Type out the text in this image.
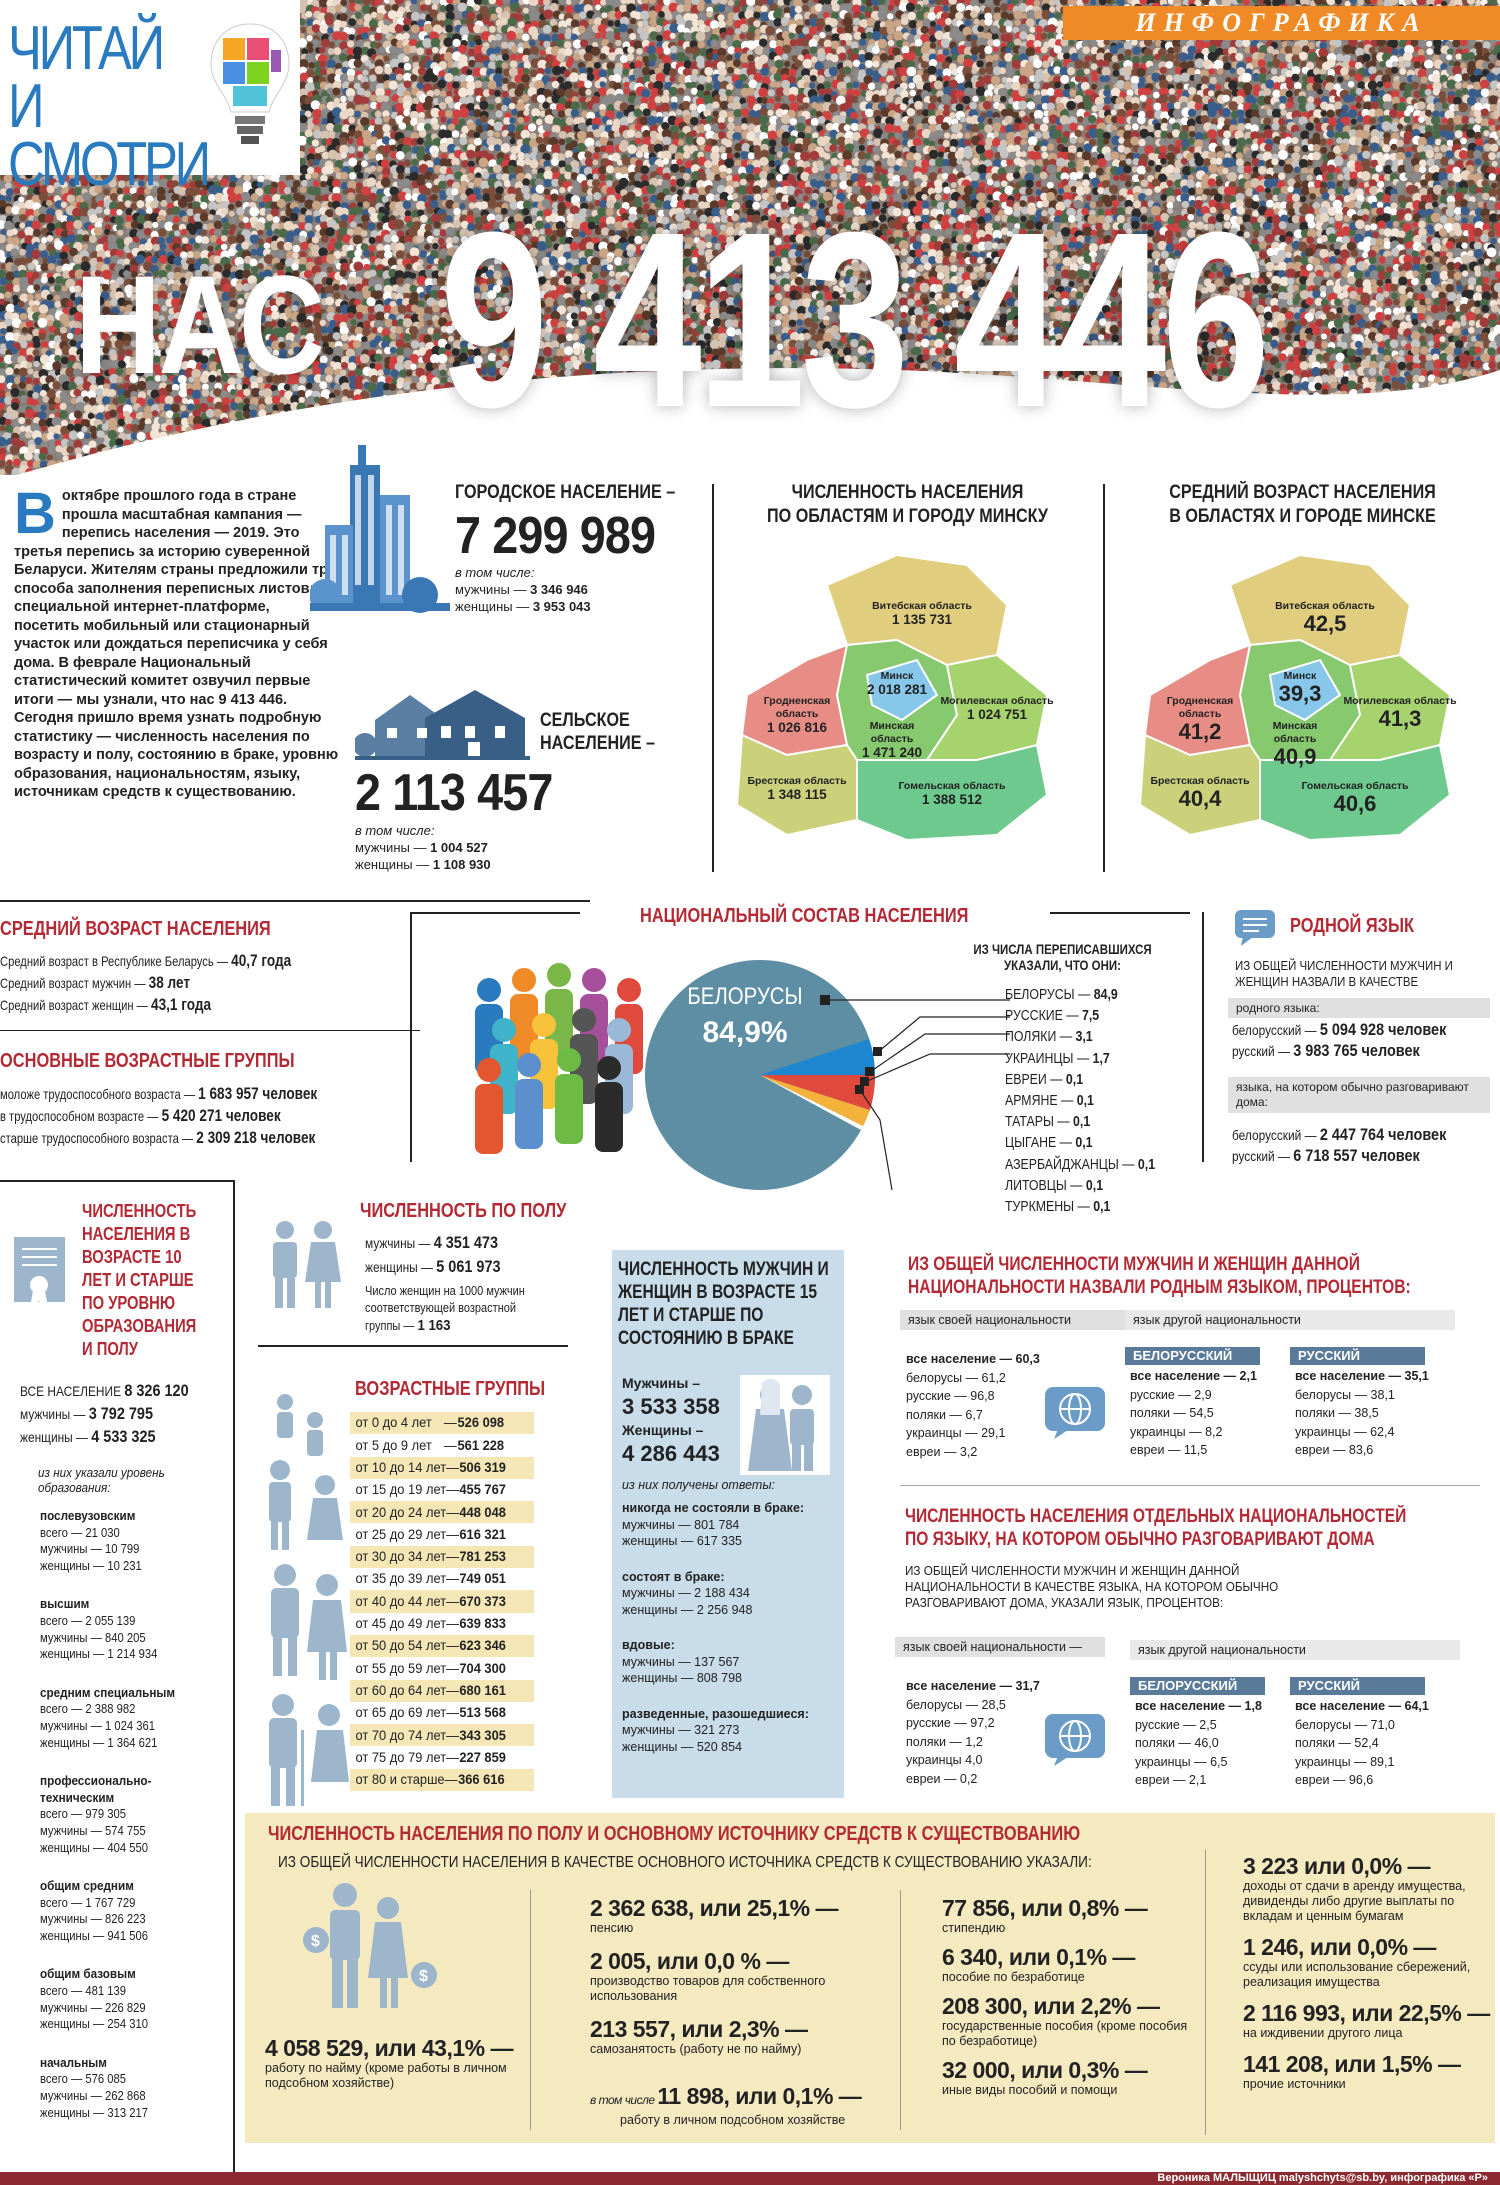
ЧИТАЙ
И СМОТРИ
ИНФОГРАФИКА
НАС 9 413 446
Воктябре прошлого года в стране прошла масштабная кампания — перепись населения — 2019. Это третья перепись за историю суверенной Беларуси. Жителям страны предложили три способа заполнения переписных листов: на специальной интернет-платформе, посетить мобильный или стационарный участок или дождаться переписчика у себя дома. В феврале Национальный статистический комитет озвучил первые итоги — мы узнали, что нас 9 413 446. Сегодня пришло время узнать подробную статистику — численность населения по возрасту и полу, состоянию в браке, уровню образования, национальностям, языку, источникам средств к существованию.
ГОРОДСКОЕ НАСЕЛЕНИЕ –
7 299 989
в том числе:
мужчины — 3 346 946
женщины — 3 953 043
СЕЛЬСКОЕ
НАСЕЛЕНИЕ –
2 113 457
в том числе:
мужчины — 1 004 527
женщины — 1 108 930
ЧИСЛЕННОСТЬ НАСЕЛЕНИЯ
ПО ОБЛАСТЯМ И ГОРОДУ МИНСКУ
Витебская область
1 135 731
Гродненская область
1 026 816	Минская область
1 471 240
Минск
2 018 281
Могилевская область
1 024 751
Брестская область
1 348 115
Гомельская область
1 388 512
СРЕДНИЙ ВОЗРАСТ НАСЕЛЕНИЯ
В ОБЛАСТЯХ И ГОРОДЕ МИНСКЕ
Витебская область
42,5
Гродненская область
41,2	Минская область
40,9
Минск
39,3	Могилевская область
41,3
Брестская область
40,4	Гомельская область
40,6
СРЕДНИЙ ВОЗРАСТ НАСЕЛЕНИЯ
Средний возраст в Республике Беларусь — 40,7 года
Средний возраст мужчин — 38 лет
Средний возраст женщин — 43,1 года
ОСНОВНЫЕ ВОЗРАСТНЫЕ ГРУППЫ
моложе трудоспособного возраста — 1 683 957 человек
в трудоспособном возрасте — 5 420 271 человек
старше трудоспособного возраста — 2 309 218 человек
НАЦИОНАЛЬНЫЙ СОСТАВ НАСЕЛЕНИЯ
БЕЛОРУСЫ
84,9%
ИЗ ЧИСЛА ПЕРЕПИСАВШИХСЯ
УКАЗАЛИ, ЧТО ОНИ:
БЕЛОРУСЫ — 84,9
РУССКИЕ — 7,5
ПОЛЯКИ — 3,1
УКРАИНЦЫ — 1,7
ЕВРЕИ — 0,1
АРМЯНЕ — 0,1
ТАТАРЫ — 0,1
ЦЫГАНЕ — 0,1
АЗЕРБАЙДЖАНЦЫ — 0,1
ЛИТОВЦЫ — 0,1
ТУРКМЕНЫ — 0,1
РОДНОЙ ЯЗЫК
ИЗ ОБЩЕЙ ЧИСЛЕННОСТИ МУЖЧИН И ЖЕНЩИН НАЗВАЛИ В КАЧЕСТВЕ
родного языка:
белорусский — 5 094 928 человек
русский — 3 983 765 человек
языка, на котором обычно разговаривают дома:
белорусский — 2 447 764 человек
русский — 6 718 557 человек
ЧИСЛЕННОСТЬ НАСЕЛЕНИЯ В ВОЗРАСТЕ 10 ЛЕТ И СТАРШЕ ПО УРОВНЮ ОБРАЗОВАНИЯ И ПОЛУ
ВСЕ НАСЕЛЕНИЕ 8 326 120
мужчины — 3 792 795
женщины — 4 533 325
из них указали уровень образования:
послевузовским
всего — 21 030
мужчины — 10 799
женщины — 10 231
высшим
всего — 2 055 139
мужчины — 840 205
женщины — 1 214 934
средним специальным
всего — 2 388 982
мужчины — 1 024 361
женщины — 1 364 621
профессионально-техническим
всего — 979 305
мужчины — 574 755
женщины — 404 550
общим средним
всего — 1 767 729
мужчины — 826 223
женщины — 941 506
общим базовым
всего — 481 139
мужчины — 226 829
женщины — 254 310
начальным
всего — 576 085
мужчины — 262 868
женщины — 313 217
ЧИСЛЕННОСТЬ ПО ПОЛУ
мужчины — 4 351 473
женщины — 5 061 973
Число женщин на 1000 мужчин соответствующей возрастной группы — 1 163
ВОЗРАСТНЫЕ ГРУППЫ
от 0 до 4 лет — 526 098
от 5 до 9 лет — 561 228
от 10 до 14 лет — 506 319
от 15 до 19 лет — 455 767
от 20 до 24 лет — 448 048
от 25 до 29 лет — 616 321
от 30 до 34 лет — 781 253
от 35 до 39 лет — 749 051
от 40 до 44 лет — 670 373
от 45 до 49 лет — 639 833
от 50 до 54 лет — 623 346
от 55 до 59 лет — 704 300
от 60 до 64 лет — 680 161
от 65 до 69 лет — 513 568
от 70 до 74 лет — 343 305
от 75 до 79 лет — 227 859
от 80 и старше — 366 616
ЧИСЛЕННОСТЬ МУЖЧИН И ЖЕНЩИН В ВОЗРАСТЕ 15 ЛЕТ И СТАРШЕ ПО СОСТОЯНИЮ В БРАКЕ
Мужчины –
3 533 358
Женщины –
4 286 443
из них получены ответы:
никогда не состояли в браке:
мужчины — 801 784
женщины — 617 335
состоят в браке:
мужчины — 2 188 434
женщины — 2 256 948
вдовые:
мужчины — 137 567
женщины — 808 798
разведенные, разошедшиеся:
мужчины — 321 273
женщины — 520 854
ИЗ ОБЩЕЙ ЧИСЛЕННОСТИ МУЖЧИН И ЖЕНЩИН ДАННОЙ
НАЦИОНАЛЬНОСТИ НАЗВАЛИ РОДНЫМ ЯЗЫКОМ, ПРОЦЕНТОВ:
язык своей национальности	язык другой национальности
все население — 60,3
белорусы — 61,2
русские — 96,8
поляки — 6,7
украинцы — 29,1
евреи — 3,2
БЕЛОРУССКИЙ
все население — 2,1
русские — 2,9
поляки — 54,5
украинцы — 8,2
евреи — 11,5
РУССКИЙ
все население — 35,1
белорусы — 38,1
поляки — 38,5
украинцы — 62,4
евреи — 83,6
ЧИСЛЕННОСТЬ НАСЕЛЕНИЯ ОТДЕЛЬНЫХ НАЦИОНАЛЬНОСТЕЙ
ПО ЯЗЫКУ, НА КОТОРОМ ОБЫЧНО РАЗГОВАРИВАЮТ ДОМА
ИЗ ОБЩЕЙ ЧИСЛЕННОСТИ МУЖЧИН И ЖЕНЩИН ДАННОЙ НАЦИОНАЛЬНОСТИ В КАЧЕСТВЕ ЯЗЫКА, НА КОТОРОМ ОБЫЧНО РАЗГОВАРИВАЮТ ДОМА, УКАЗАЛИ ЯЗЫК, ПРОЦЕНТОВ:
язык своей национальности —	язык другой национальности
все население — 31,7
белорусы — 28,5
русские — 97,2
поляки — 1,2
украинцы 4,0
евреи — 0,2
БЕЛОРУССКИЙ
все население — 1,8
русские — 2,5
поляки — 46,0
украинцы — 6,5
евреи — 2,1
РУССКИЙ
все население — 64,1
белорусы — 71,0
поляки — 52,4
украинцы — 89,1
евреи — 96,6
ЧИСЛЕННОСТЬ НАСЕЛЕНИЯ ПО ПОЛУ И ОСНОВНОМУ ИСТОЧНИКУ СРЕДСТВ К СУЩЕСТВОВАНИЮ
ИЗ ОБЩЕЙ ЧИСЛЕННОСТИ НАСЕЛЕНИЯ В КАЧЕСТВЕ ОСНОВНОГО ИСТОЧНИКА СРЕДСТВ К СУЩЕСТВОВАНИЮ УКАЗАЛИ:
$
$
4 058 529, или 43,1% —
работу по найму (кроме работы в личном подсобном хозяйстве)
2 362 638, или 25,1% —
пенсию
2 005, или 0,0 % —
производство товаров для собственного использования
213 557, или 2,3% —
самозанятость (работу не по найму)
в том числе 11 898, или 0,1% —
работу в личном подсобном хозяйстве
77 856, или 0,8% —
стипендию
6 340, или 0,1% —
пособие по безработице
208 300, или 2,2% —
государственные пособия (кроме пособия по безработице)
32 000, или 0,3% —
иные виды пособий и помощи
3 223 или 0,0% —
доходы от сдачи в аренду имущества, дивиденды либо другие выплаты по вкладам и ценным бумагам
1 246, или 0,0% —
ссуды или использование сбережений, реализация имущества
2 116 993, или 22,5% —
на иждивении другого лица
141 208, или 1,5% —
прочие источники
Вероника МАЛЫЩИЦ malyshchyts@sb.by, инфографика «Р»
